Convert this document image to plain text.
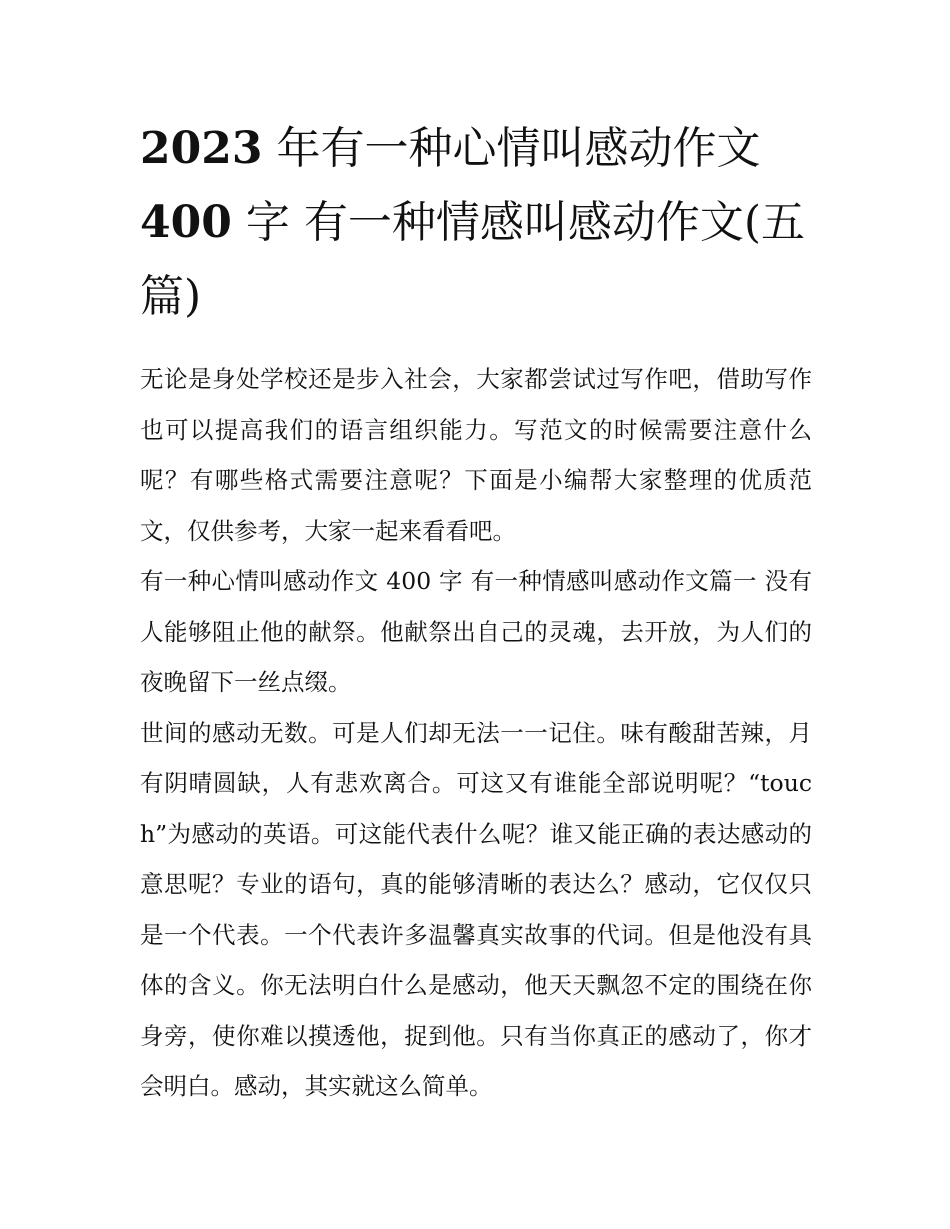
2023 年有一种心情叫感动作文
400 字 有一种情感叫感动作文(五篇)

无论是身处学校还是步入社会，大家都尝试过写作吧，借助写作也可以提高我们的语言组织能力。写范文的时候需要注意什么呢？有哪些格式需要注意呢？下面是小编帮大家整理的优质范文，仅供参考，大家一起来看看吧。

有一种心情叫感动作文 400 字 有一种情感叫感动作文篇一 没有人能够阻止他的献祭。他献祭出自己的灵魂，去开放，为人们的夜晚留下一丝点缀。

世间的感动无数。可是人们却无法一一记住。味有酸甜苦辣，月有阴晴圆缺，人有悲欢离合。可这又有谁能全部说明呢？“touch”为感动的英语。可这能代表什么呢？谁又能正确的表达感动的意思呢？专业的语句，真的能够清晰的表达么？感动，它仅仅只是一个代表。一个代表许多温馨真实故事的代词。但是他没有具体的含义。你无法明白什么是感动，他天天飘忽不定的围绕在你身旁，使你难以摸透他，捉到他。只有当你真正的感动了，你才会明白。感动，其实就这么简单。
